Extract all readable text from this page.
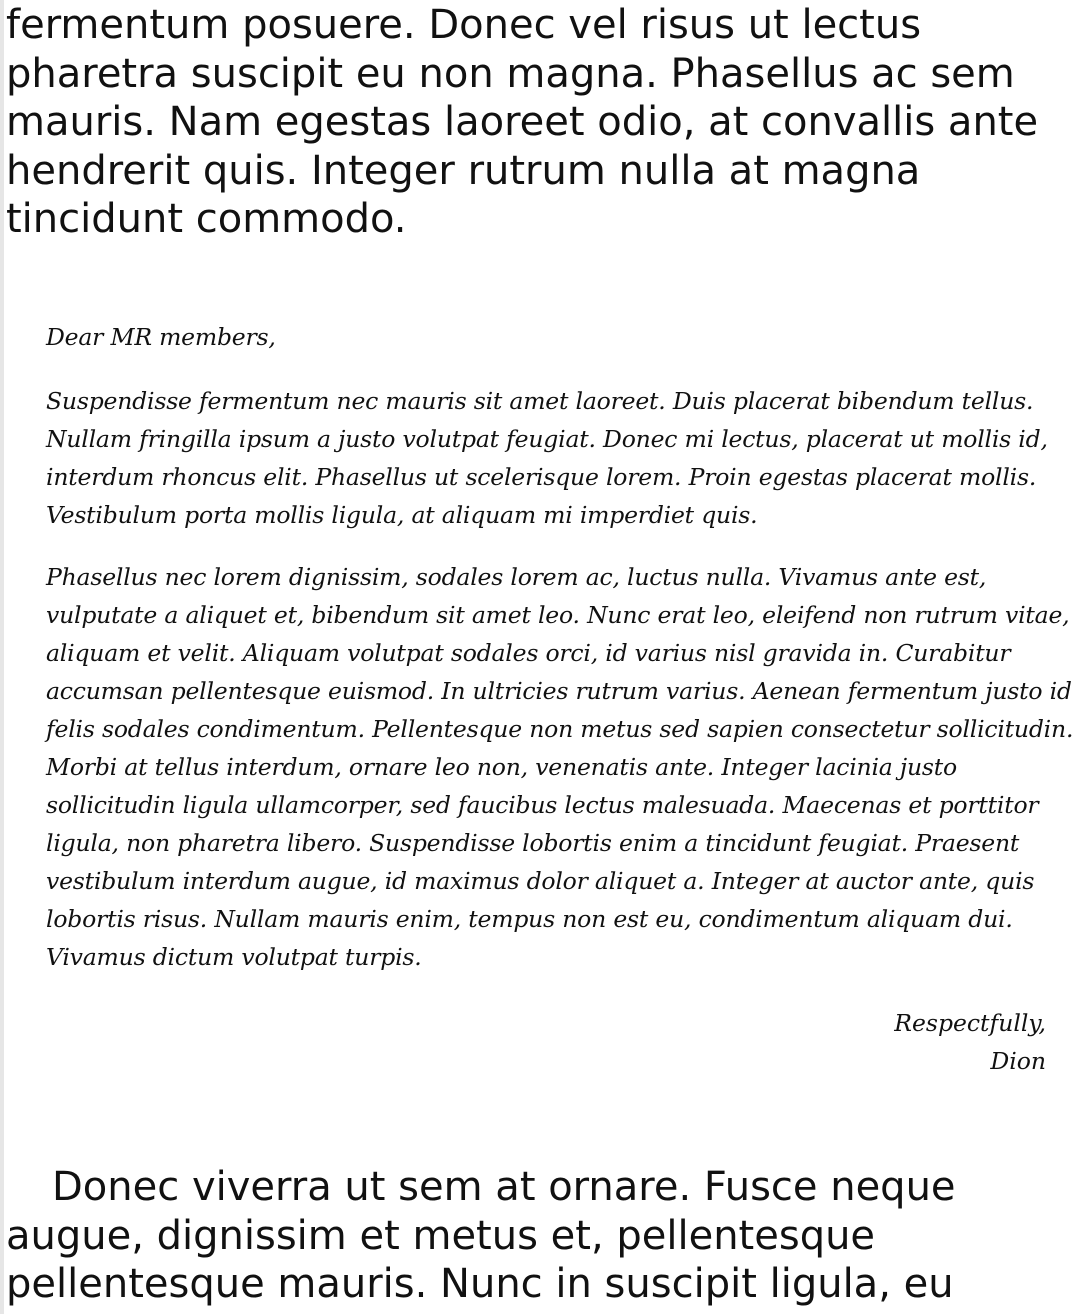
fermentum posuere. Donec vel risus ut lectus pharetra suscipit eu non magna. Phasellus ac sem mauris. Nam egestas laoreet odio, at convallis ante hendrerit quis. Integer rutrum nulla at magna tincidunt commodo.

Dear MR members,

Suspendisse fermentum nec mauris sit amet laoreet. Duis placerat bibendum tellus. Nullam fringilla ipsum a justo volutpat feugiat. Donec mi lectus, placerat ut mollis id, interdum rhoncus elit. Phasellus ut scelerisque lorem. Proin egestas placerat mollis. Vestibulum porta mollis ligula, at aliquam mi imperdiet quis.

Phasellus nec lorem dignissim, sodales lorem ac, luctus nulla. Vivamus ante est, vulputate a aliquet et, bibendum sit amet leo. Nunc erat leo, eleifend non rutrum vitae, aliquam et velit. Aliquam volutpat sodales orci, id varius nisl gravida in. Curabitur accumsan pellentesque euismod. In ultricies rutrum varius. Aenean fermentum justo id felis sodales condimentum. Pellentesque non metus sed sapien consectetur sollicitudin. Morbi at tellus interdum, ornare leo non, venenatis ante. Integer lacinia justo sollicitudin ligula ullamcorper, sed faucibus lectus malesuada. Maecenas et porttitor ligula, non pharetra libero. Suspendisse lobortis enim a tincidunt feugiat. Praesent vestibulum interdum augue, id maximus dolor aliquet a. Integer at auctor ante, quis lobortis risus. Nullam mauris enim, tempus non est eu, condimentum aliquam dui. Vivamus dictum volutpat turpis.

Respectfully,
Dion

Donec viverra ut sem at ornare. Fusce neque augue, dignissim et metus et, pellentesque pellentesque mauris. Nunc in suscipit ligula, eu
